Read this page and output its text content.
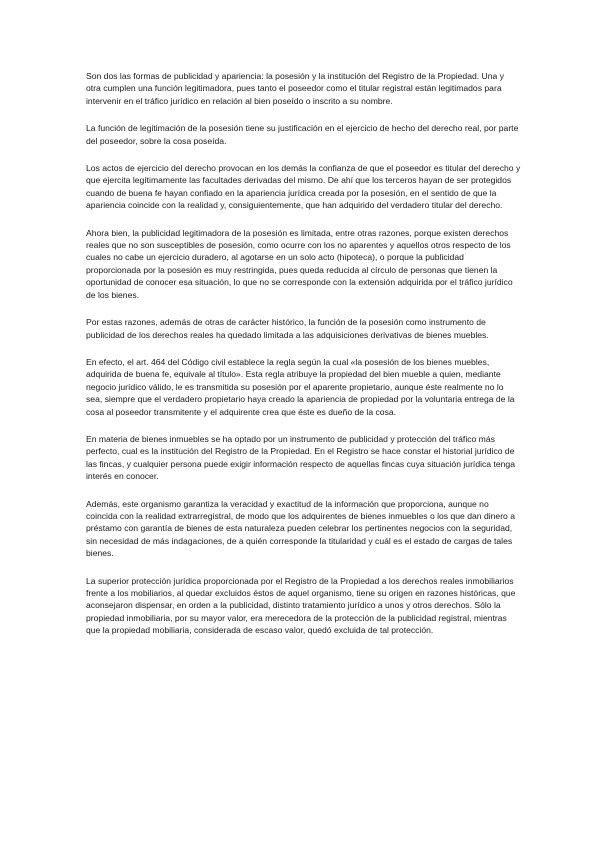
Son dos las formas de publicidad y apariencia: la posesión y la institución del Registro de la Propiedad. Una y otra cumplen una función legitimadora, pues tanto el poseedor como el titular registral están legitimados para intervenir en el tráfico jurídico en relación al bien poseído o inscrito a su nombre.

La función de legitimación de la posesión tiene su justificación en el ejercicio de hecho del derecho real, por parte del poseedor, sobre la cosa poseída.

Los actos de ejercicio del derecho provocan en los demás la confianza de que el poseedor es titular del derecho y que ejercita legítimamente las facultades derivadas del mismo. De ahí que los terceros hayan de ser protegidos cuando de buena fe hayan confiado en la apariencia jurídica creada por la posesión, en el sentido de que la apariencia coincide con la realidad y, consiguientemente, que han adquirido del verdadero titular del derecho.

Ahora bien, la publicidad legitimadora de la posesión es limitada, entre otras razones, porque existen derechos reales que no son susceptibles de posesión, como ocurre con los no aparentes y aquellos otros respecto de los cuales no cabe un ejercicio duradero, al agotarse en un solo acto (hipoteca), o porque la publicidad proporcionada por la posesión es muy restringida, pues queda reducida al círculo de personas que tienen la oportunidad de conocer esa situación, lo que no se corresponde con la extensión adquirida por el tráfico jurídico de los bienes.

Por estas razones, además de otras de carácter histórico, la función de la posesión como instrumento de publicidad de los derechos reales ha quedado limitada a las adquisiciones derivativas de bienes muebles.

En efecto, el art. 464 del Código civil establece la regla según la cual «la posesión de los bienes muebles, adquirida de buena fe, equivale al título». Esta regla atribuye la propiedad del bien mueble a quien, mediante negocio jurídico válido, le es transmitida su posesión por el aparente propietario, aunque éste realmente no lo sea, siempre que el verdadero propietario haya creado la apariencia de propiedad por la voluntaria entrega de la cosa al poseedor transmitente y el adquirente crea que éste es dueño de la cosa.

En materia de bienes inmuebles se ha optado por un instrumento de publicidad y protección del tráfico más perfecto, cual es la institución del Registro de la Propiedad. En el Registro se hace constar el historial jurídico de las fincas, y cualquier persona puede exigir información respecto de aquellas fincas cuya situación jurídica tenga interés en conocer.

Además, este organismo garantiza la veracidad y exactitud de la información que proporciona, aunque no coincida con la realidad extrarregistral, de modo que los adquirentes de bienes inmuebles o los que dan dinero a préstamo con garantía de bienes de esta naturaleza pueden celebrar los pertinentes negocios con la seguridad, sin necesidad de más indagaciones, de a quién corresponde la titularidad y cuál es el estado de cargas de tales bienes.

La superior protección jurídica proporcionada por el Registro de la Propiedad a los derechos reales inmobiliarios frente a los mobiliarios, al quedar excluidos éstos de aquel organismo, tiene su origen en razones históricas, que aconsejaron dispensar, en orden a la publicidad, distinto tratamiento jurídico a unos y otros derechos. Sólo la propiedad inmobiliaria, por su mayor valor, era merecedora de la protección de la publicidad registral, mientras que la propiedad mobiliaria, considerada de escaso valor, quedó excluida de tal protección.
